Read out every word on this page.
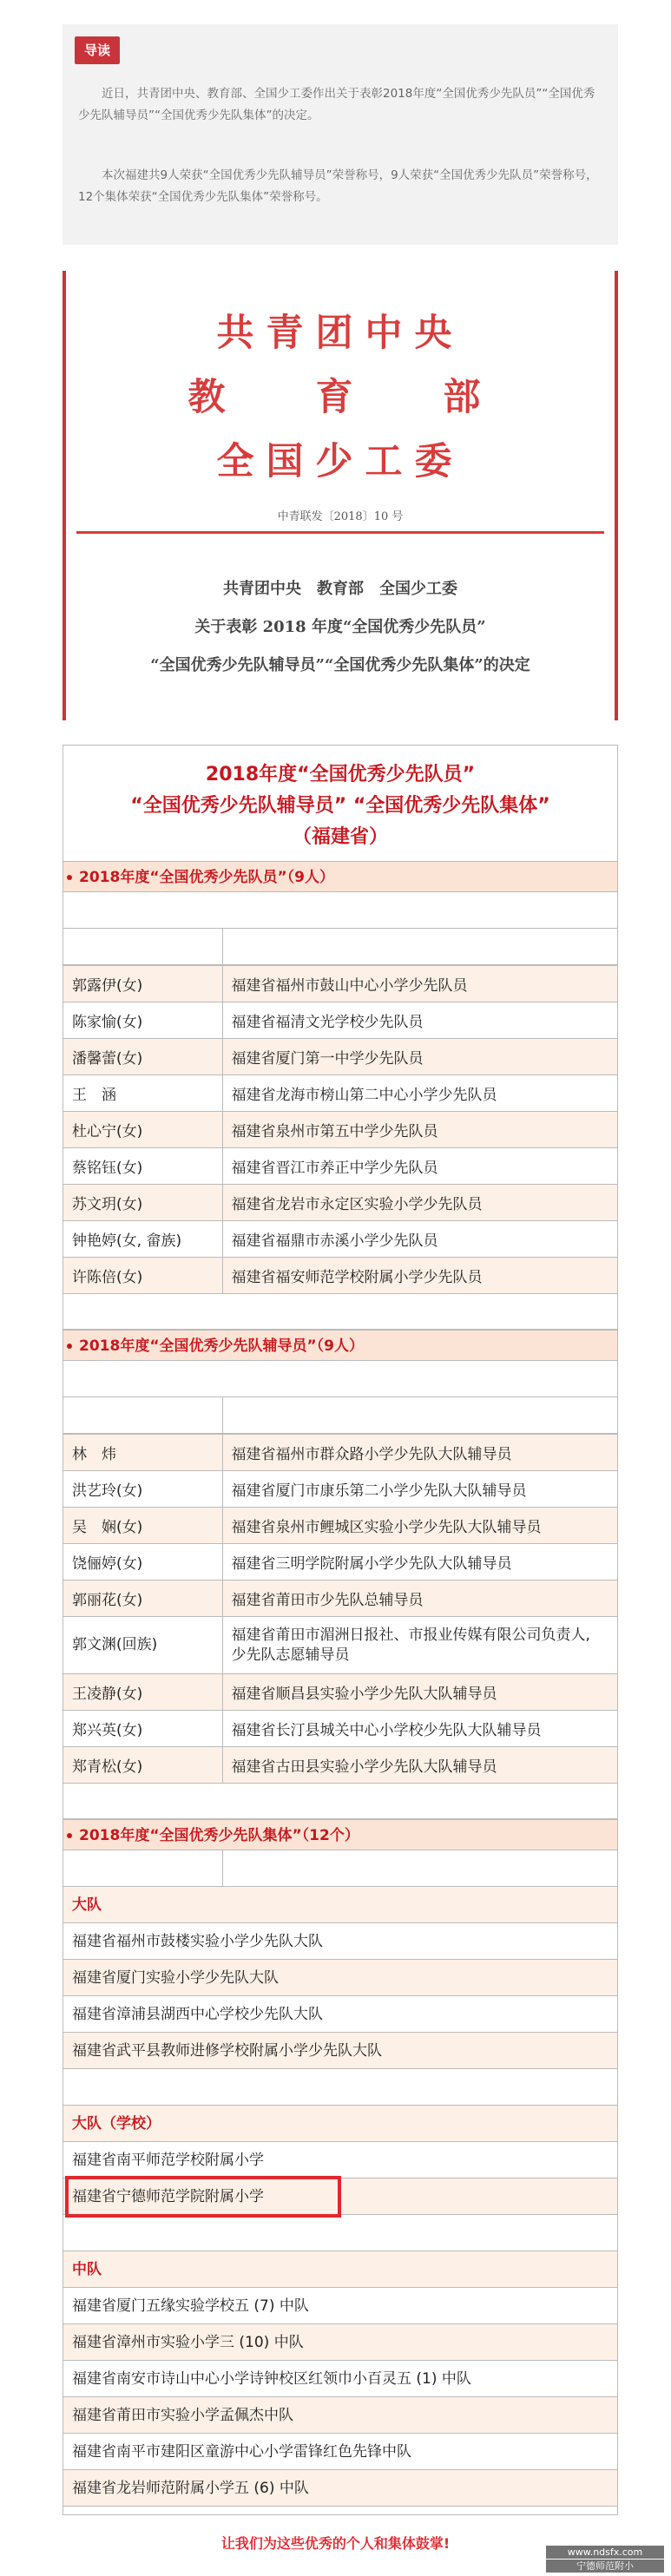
导读

近日，共青团中央、教育部、全国少工委作出关于表彰2018年度“全国优秀少先队员”“全国优秀少先队辅导员”“全国优秀少先队集体”的决定。

本次福建共9人荣获“全国优秀少先队辅导员”荣誉称号，9人荣获“全国优秀少先队员”荣誉称号，12个集体荣获“全国优秀少先队集体”荣誉称号。

共青团中央
教 育 部
全国少工委
中青联发〔2018〕10 号
共青团中央　教育部　全国少工委
关于表彰 2018 年度“全国优秀少先队员”
“全国优秀少先队辅导员”“全国优秀少先队集体”的决定
2018年度“全国优秀少先队员”
“全国优秀少先队辅导员” “全国优秀少先队集体”
（福建省）
2018年度“全国优秀少先队员”（9人）
郭露伊(女)	福建省福州市鼓山中心小学少先队员
陈家愉(女)	福建省福清文光学校少先队员
潘馨蕾(女)	福建省厦门第一中学少先队员
王　涵	福建省龙海市榜山第二中心小学少先队员
杜心宁(女)	福建省泉州市第五中学少先队员
蔡铭钰(女)	福建省晋江市养正中学少先队员
苏文玥(女)	福建省龙岩市永定区实验小学少先队员
钟艳婷(女, 畲族)	福建省福鼎市赤溪小学少先队员
许陈倍(女)	福建省福安师范学校附属小学少先队员
2018年度“全国优秀少先队辅导员”（9人）
林　炜	福建省福州市群众路小学少先队大队辅导员
洪艺玲(女)	福建省厦门市康乐第二小学少先队大队辅导员
吴　娴(女)	福建省泉州市鲤城区实验小学少先队大队辅导员
饶俪婷(女)	福建省三明学院附属小学少先队大队辅导员
郭丽花(女)	福建省莆田市少先队总辅导员
郭文渊(回族)	福建省莆田市湄洲日报社、市报业传媒有限公司负责人, 少先队志愿辅导员
王凌静(女)	福建省顺昌县实验小学少先队大队辅导员
郑兴英(女)	福建省长汀县城关中心小学校少先队大队辅导员
郑青松(女)	福建省古田县实验小学少先队大队辅导员
2018年度“全国优秀少先队集体”（12个）
大队
福建省福州市鼓楼实验小学少先队大队
福建省厦门实验小学少先队大队
福建省漳浦县湖西中心学校少先队大队
福建省武平县教师进修学校附属小学少先队大队
大队（学校）
福建省南平师范学校附属小学
福建省宁德师范学院附属小学
中队
福建省厦门五缘实验学校五 (7) 中队
福建省漳州市实验小学三 (10) 中队
福建省南安市诗山中心小学诗钟校区红领巾小百灵五 (1) 中队
福建省莆田市实验小学孟佩杰中队
福建省南平市建阳区童游中心小学雷锋红色先锋中队
福建省龙岩师范附属小学五 (6) 中队
让我们为这些优秀的个人和集体鼓掌!
www.ndsfx.com
宁德师范附小
